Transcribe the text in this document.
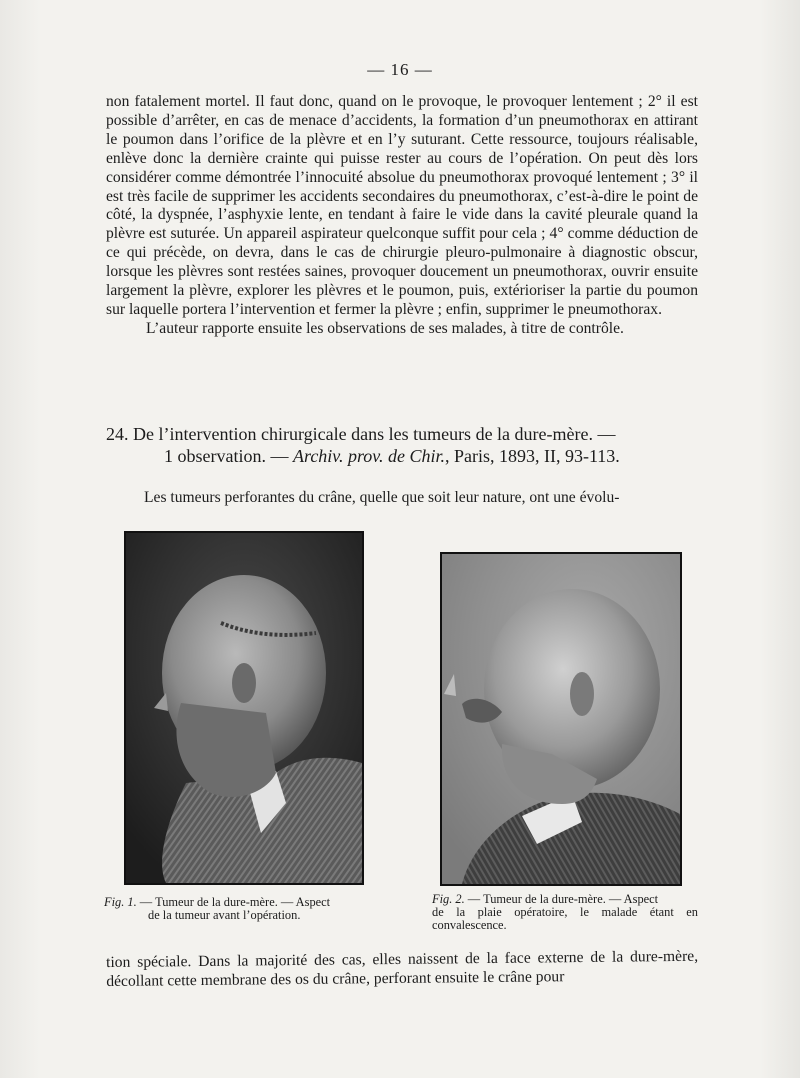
— 16 —

non fatalement mortel. Il faut donc, quand on le provoque, le provoquer lentement ; 2° il est possible d’arrêter, en cas de menace d’accidents, la formation d’un pneumothorax en attirant le poumon dans l’orifice de la plèvre et en l’y suturant. Cette ressource, toujours réalisable, enlève donc la dernière crainte qui puisse rester au cours de l’opération. On peut dès lors considérer comme démontrée l’innocuité absolue du pneumothorax provoqué lentement ; 3° il est très facile de supprimer les accidents secondaires du pneumothorax, c’est-à-dire le point de côté, la dyspnée, l’asphyxie lente, en tendant à faire le vide dans la cavité pleurale quand la plèvre est suturée. Un appareil aspirateur quelconque suffit pour cela ; 4° comme déduction de ce qui précède, on devra, dans le cas de chirurgie pleuro-pulmonaire à diagnostic obscur, lorsque les plèvres sont restées saines, provoquer doucement un pneumothorax, ouvrir ensuite largement la plèvre, explorer les plèvres et le poumon, puis, extérioriser la partie du poumon sur laquelle portera l’intervention et fermer la plèvre ; enfin, supprimer le pneumothorax.

L’auteur rapporte ensuite les observations de ses malades, à titre de contrôle.

24. De l’intervention chirurgicale dans les tumeurs de la dure-mère. —
1 observation. — Archiv. prov. de Chir., Paris, 1893, II, 93-113.
Les tumeurs perforantes du crâne, quelle que soit leur nature, ont une évolu-
Fig. 1. — Tumeur de la dure-mère. — Aspect
de la tumeur avant l’opération.
Fig. 2. — Tumeur de la dure-mère. — Aspect
de la plaie opératoire, le malade étant en convalescence.

tion spéciale. Dans la majorité des cas, elles naissent de la face externe de la dure-mère, décollant cette membrane des os du crâne, perforant ensuite le crâne pour
